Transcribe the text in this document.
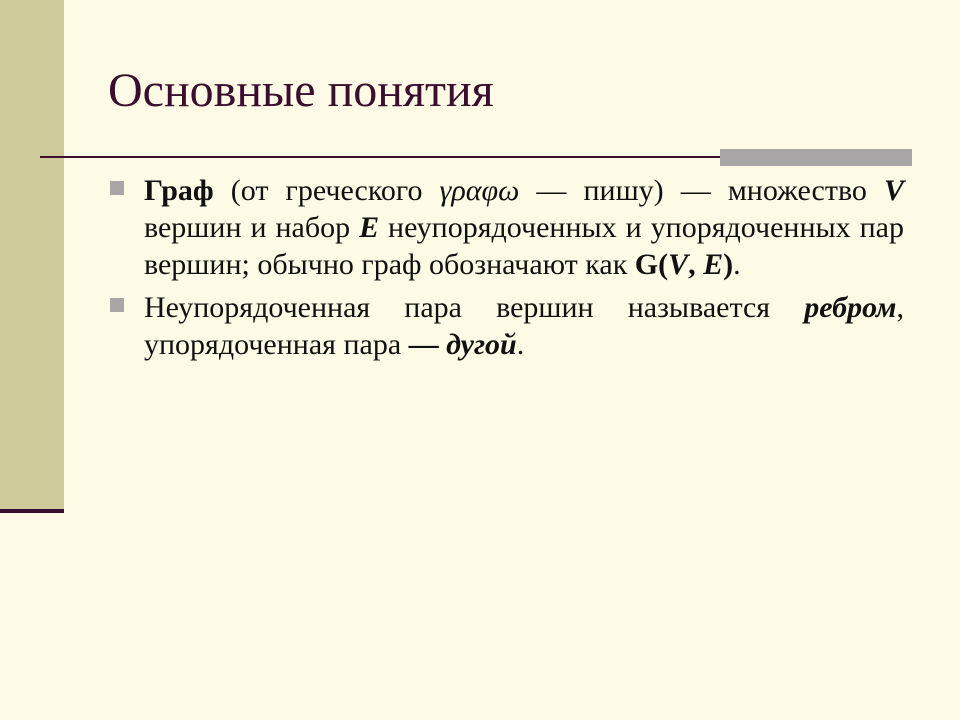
Основные понятия
Граф (от греческого γραφω — пишу) — множество V вершин и набор E неупорядоченных и упорядоченных пар вершин; обычно граф обозначают как G(V, E).
Неупорядоченная пара вершин называется ребром, упорядоченная пара — дугой.
